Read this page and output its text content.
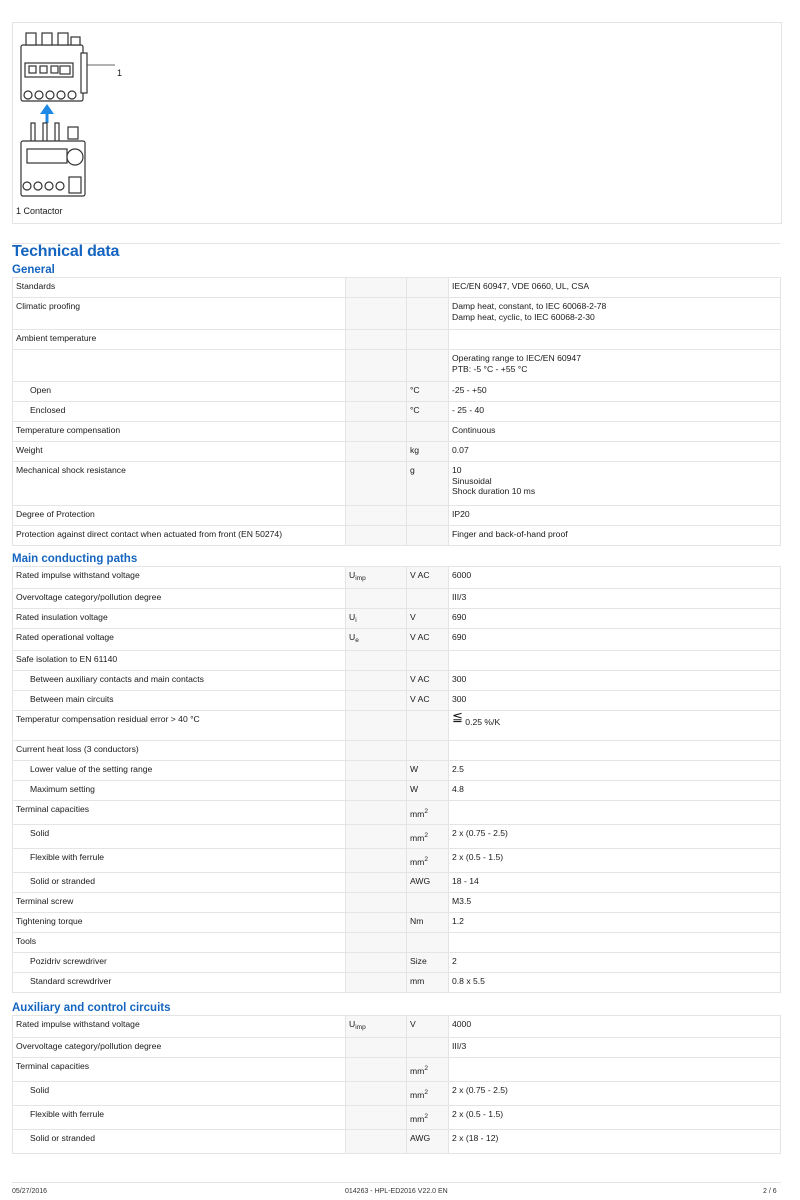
1
1 Contactor
Technical data
General
Standards			IEC/EN 60947, VDE 0660, UL, CSA
Climatic proofing			Damp heat, constant, to IEC 60068-2-78
Damp heat, cyclic, to IEC 60068-2-30
Ambient temperature			
			Operating range to IEC/EN 60947
PTB: -5 °C - +55 °C
Open		°C	-25 - +50
Enclosed		°C	- 25 - 40
Temperature compensation			Continuous
Weight		kg	0.07
Mechanical shock resistance		g	10
Sinusoidal
Shock duration 10 ms
Degree of Protection			IP20
Protection against direct contact when actuated from front (EN 50274)			Finger and back-of-hand proof
Main conducting paths
Rated impulse withstand voltage	$U_{imp}$	V AC	6000
Overvoltage category/pollution degree			III/3
Rated insulation voltage	$U_i$	V	690
Rated operational voltage	$U_e$	V AC	690
Safe isolation to EN 61140			
Between auxiliary contacts and main contacts		V AC	300
Between main circuits		V AC	300
Temperatur compensation residual error > 40 °C			≦ 0.25 %/K
Current heat loss (3 conductors)			
Lower value of the setting range		W	2.5
Maximum setting		W	4.8
Terminal capacities		$mm^2$	
Solid		$mm^2$	2 x (0.75 - 2.5)
Flexible with ferrule		$mm^2$	2 x (0.5 - 1.5)
Solid or stranded		AWG	18 - 14
Terminal screw			M3.5
Tightening torque		Nm	1.2
Tools			
Pozidriv screwdriver		Size	2
Standard screwdriver		mm	0.8 x 5.5
Auxiliary and control circuits
Rated impulse withstand voltage	$U_{imp}$	V	4000
Overvoltage category/pollution degree			III/3
Terminal capacities		$mm^2$	
Solid		$mm^2$	2 x (0.75 - 2.5)
Flexible with ferrule		$mm^2$	2 x (0.5 - 1.5)
Solid or stranded		AWG	2 x (18 - 12)
05/27/2016	014263 - HPL-ED2016 V22.0 EN	2 / 6
